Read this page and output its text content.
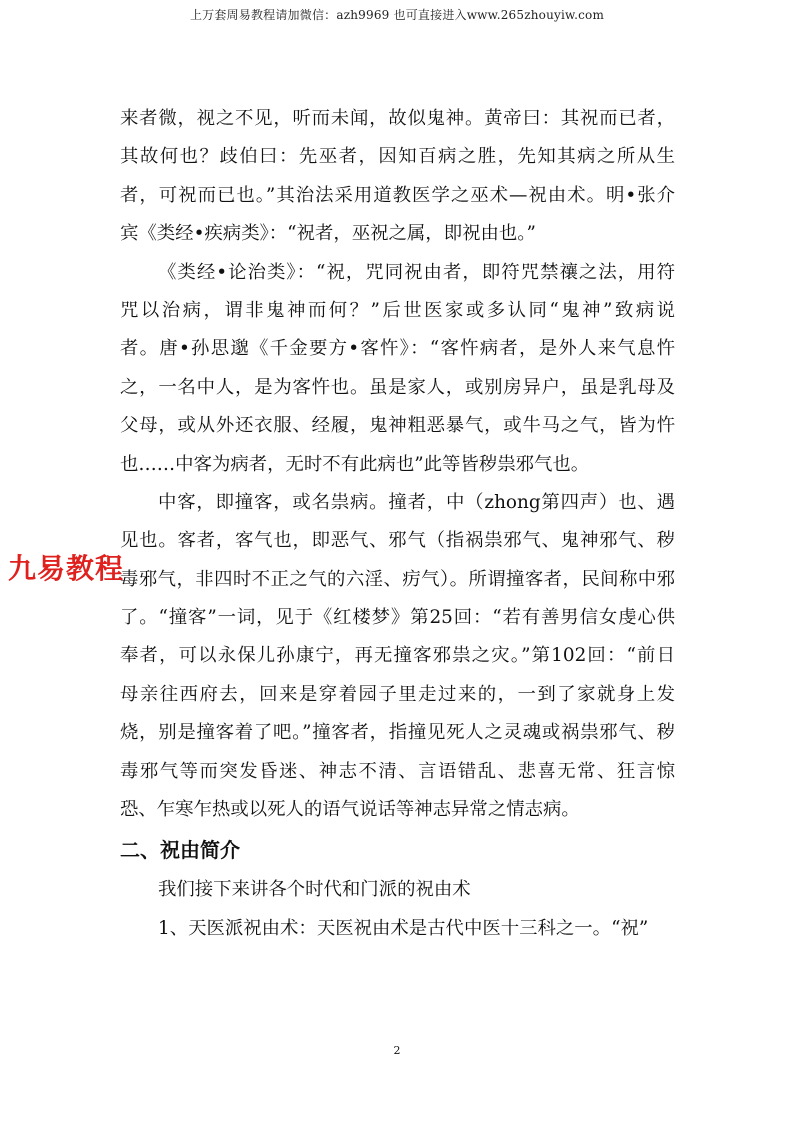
上万套周易教程请加微信：azh9969 也可直接进入www.265zhouyiw.com
来者微，视之不见，听而未闻，故似鬼神。黄帝曰：其祝而已者，
其故何也？歧伯曰：先巫者，因知百病之胜，先知其病之所从生
者，可祝而已也。”其治法采用道教医学之巫术—祝由术。明•张介
宾《类经•疾病类》：“祝者，巫祝之属，即祝由也。”
《类经•论治类》：“祝，咒同祝由者，即符咒禁禳之法，用符
咒以治病，谓非鬼神而何？”后世医家或多认同“鬼神”致病说
者。唐•孙思邈《千金要方•客忤》：“客忤病者，是外人来气息忤
之，一名中人，是为客忤也。虽是家人，或别房异户，虽是乳母及
父母，或从外还衣服、经履，鬼神粗恶暴气，或牛马之气，皆为忤
也……中客为病者，无时不有此病也”此等皆秽祟邪气也。
中客，即撞客，或名祟病。撞者，中（zhong第四声）也、遇
见也。客者，客气也，即恶气、邪气（指祸祟邪气、鬼神邪气、秽
毒邪气，非四时不正之气的六淫、疠气）。所谓撞客者，民间称中邪
了。“撞客”一词，见于《红楼梦》第25回：“若有善男信女虔心供
奉者，可以永保儿孙康宁，再无撞客邪祟之灾。”第102回：“前日
母亲往西府去，回来是穿着园子里走过来的，一到了家就身上发
烧，别是撞客着了吧。”撞客者，指撞见死人之灵魂或祸祟邪气、秽
毒邪气等而突发昏迷、神志不清、言语错乱、悲喜无常、狂言惊
恐、乍寒乍热或以死人的语气说话等神志异常之情志病。
二、祝由简介
我们接下来讲各个时代和门派的祝由术
1、天医派祝由术：天医祝由术是古代中医十三科之一。“祝”
九易教程
2
